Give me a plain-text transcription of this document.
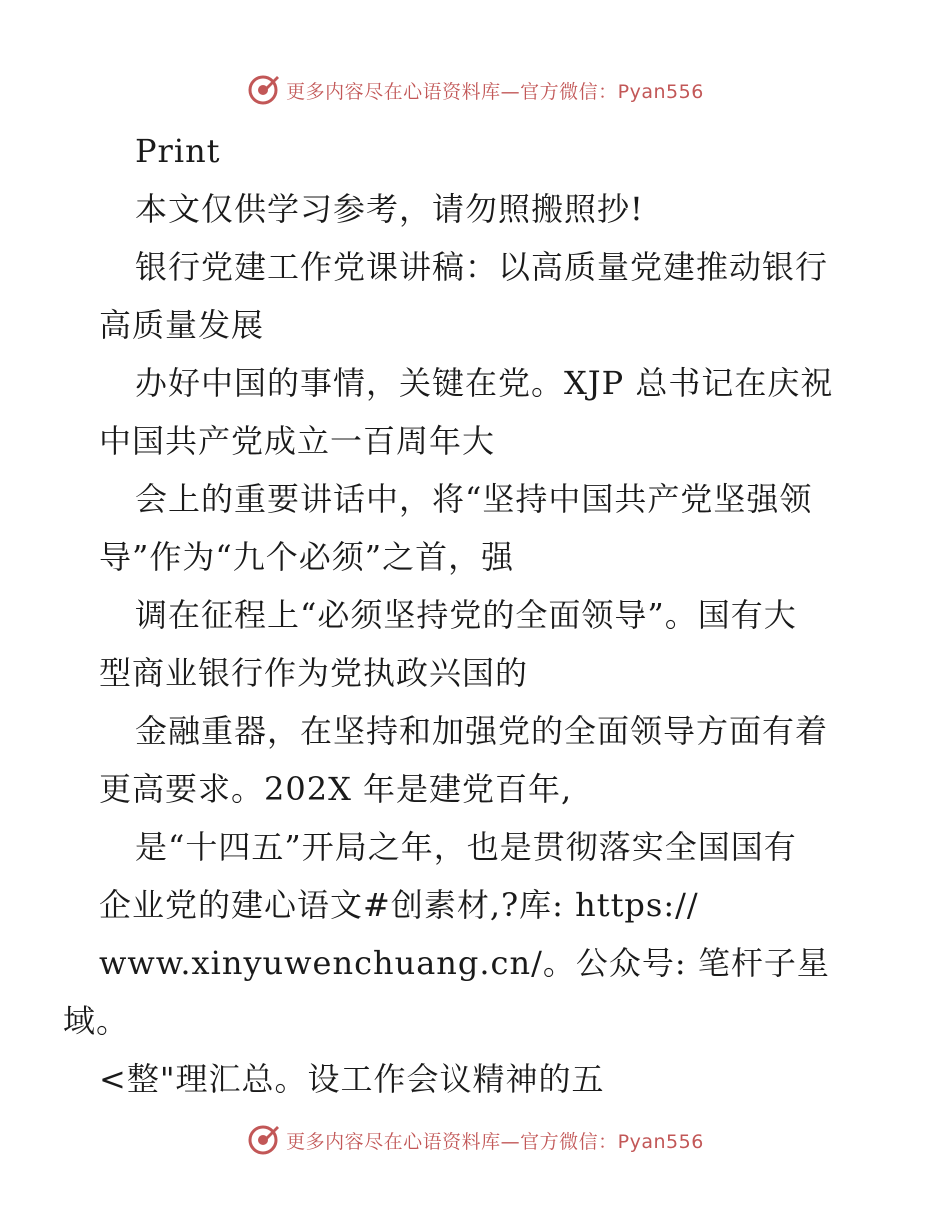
更多内容尽在心语资料库—官方微信：Pyan556

Print

本文仅供学习参考，请勿照搬照抄!

银行党建工作党课讲稿：以高质量党建推动银行
高质量发展

办好中国的事情，关键在党。XJP 总书记在庆祝
中国共产党成立一百周年大

会上的重要讲话中，将“坚持中国共产党坚强领
导”作为“九个必须”之首，强

调在征程上“必须坚持党的全面领导”。国有大
型商业银行作为党执政兴国的

金融重器，在坚持和加强党的全面领导方面有着
更高要求。202X 年是建党百年,

是“十四五”开局之年，也是贯彻落实全国国有
企业党的建心语文#创素材,?库: https://
www.xinyuwenchuang.cn/。公众号: 笔杆子星域。
<整"理汇总。设工作会议精神的五

更多内容尽在心语资料库—官方微信：Pyan556
